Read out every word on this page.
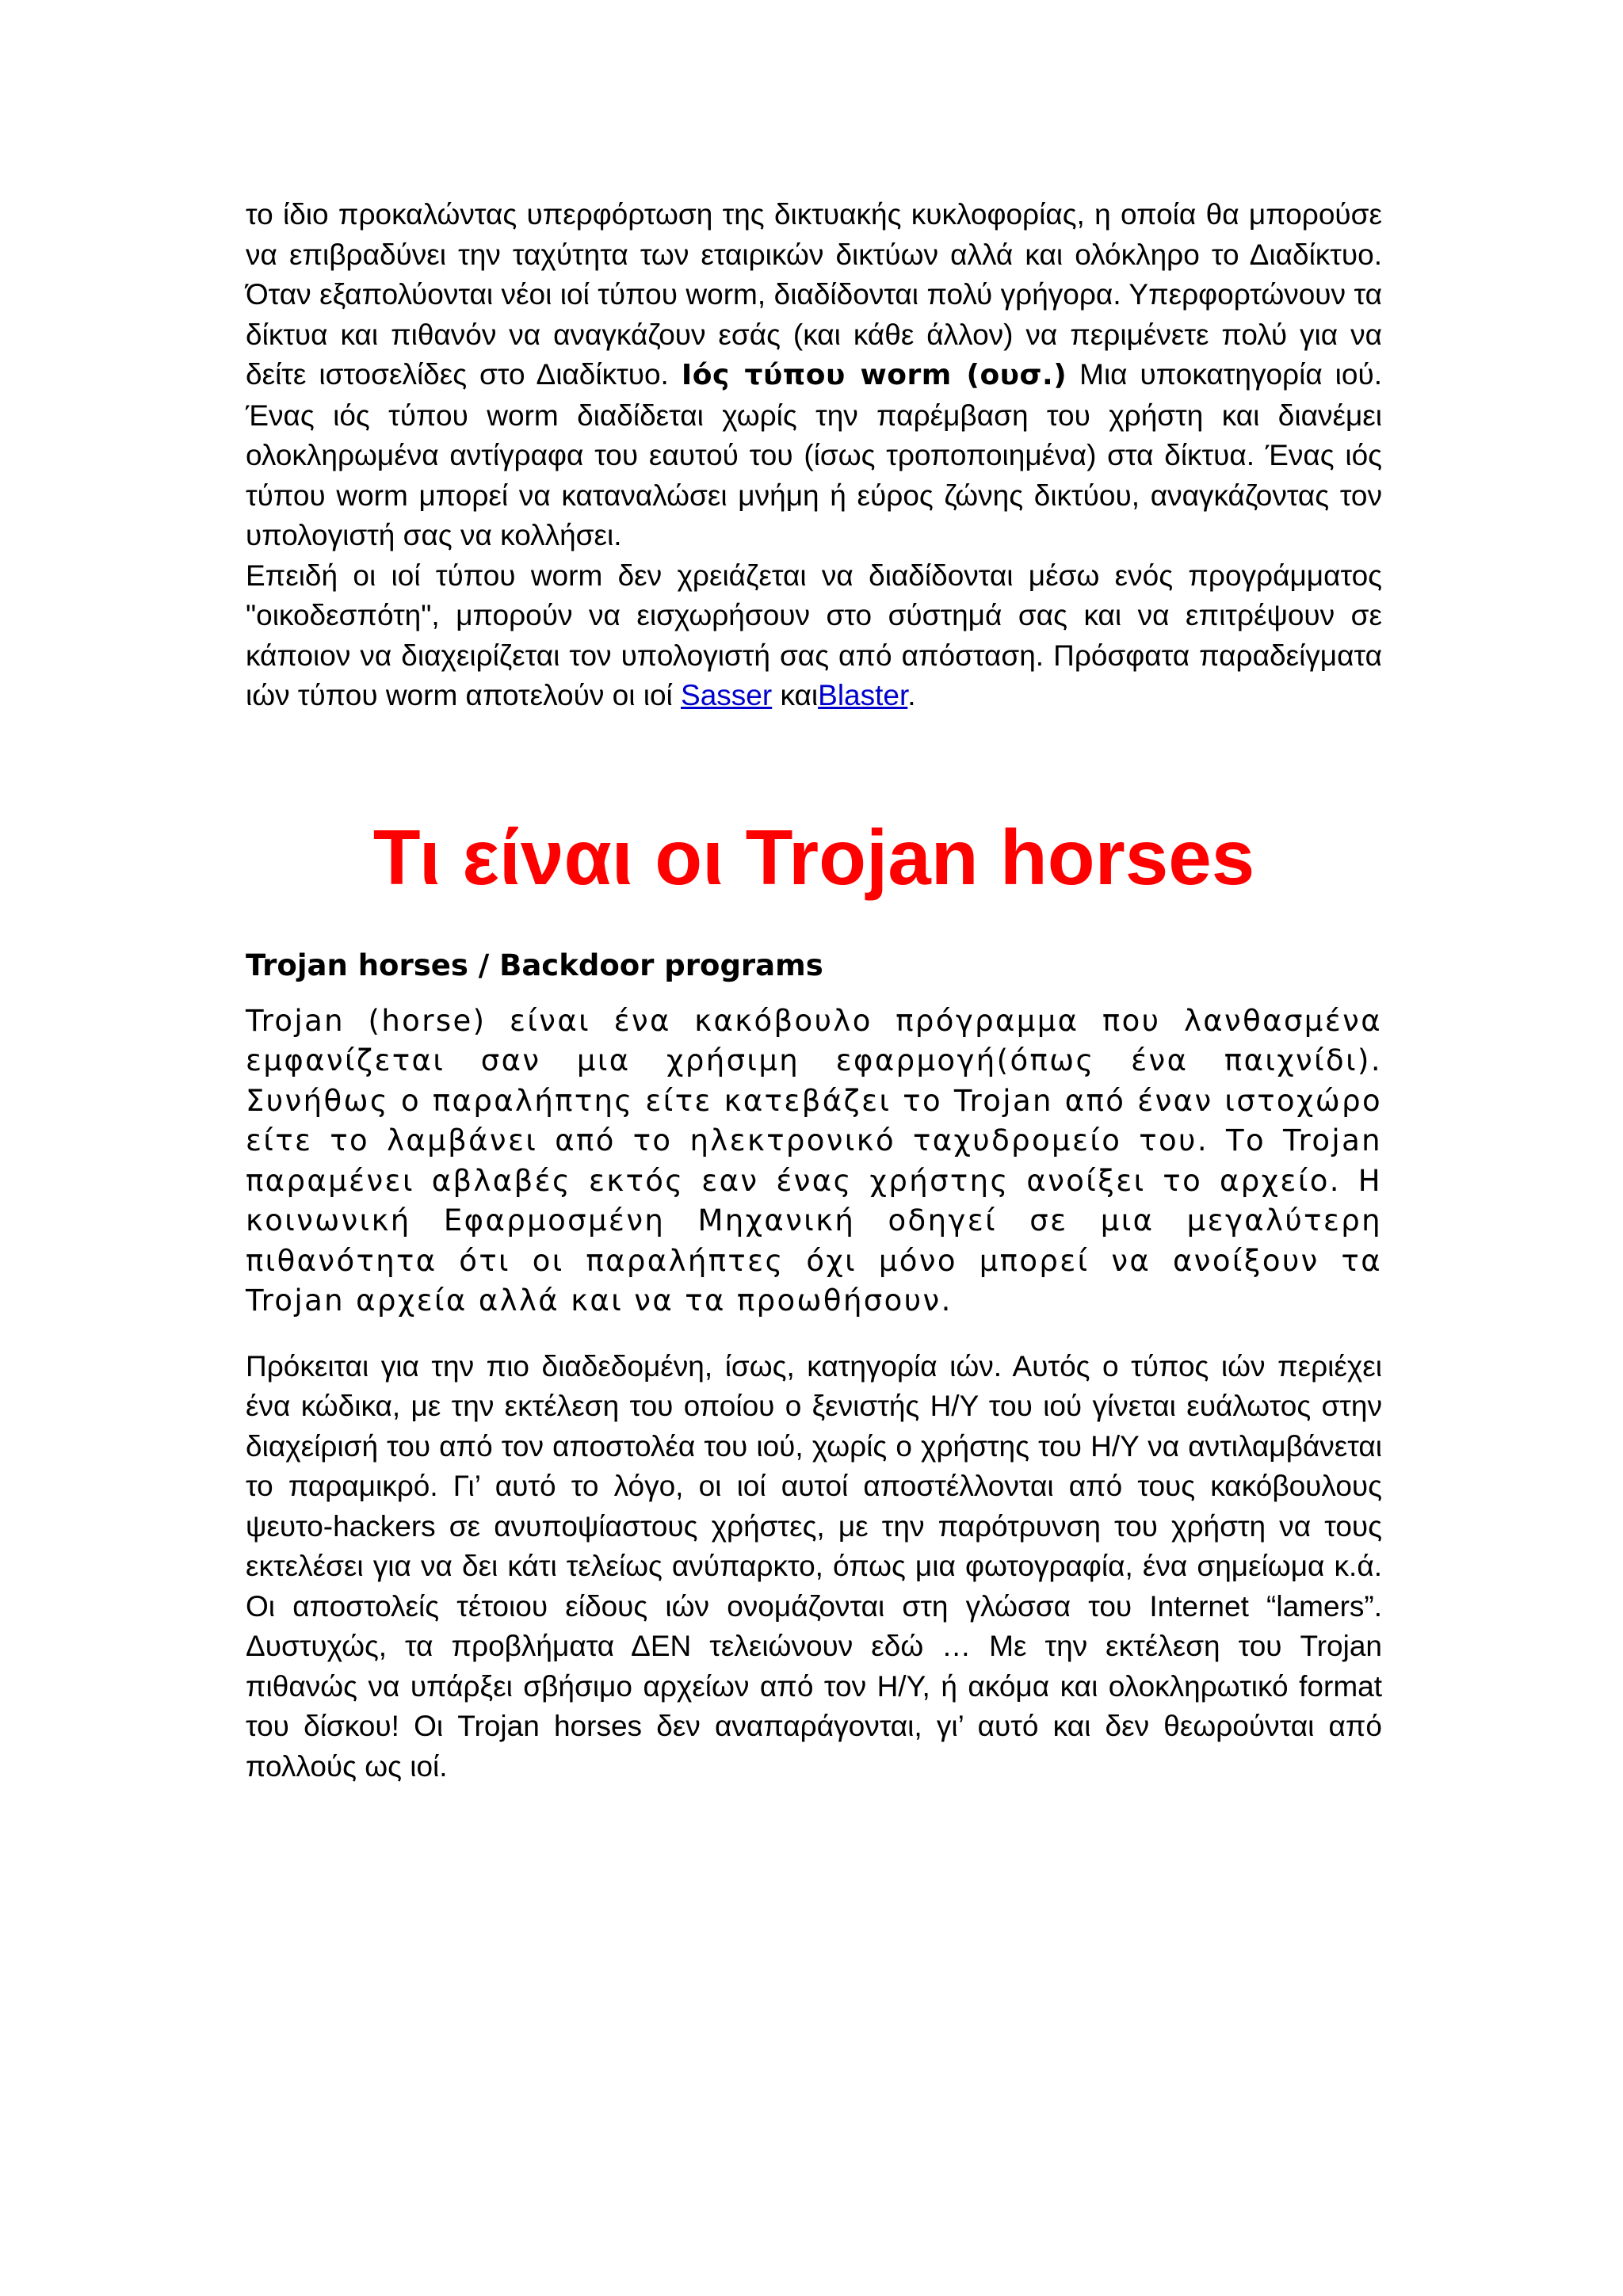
το ίδιο προκαλώντας υπερφόρτωση της δικτυακής κυκλοφορίας, η οποία θα μπορούσε να επιβραδύνει την ταχύτητα των εταιρικών δικτύων αλλά και ολόκληρο το Διαδίκτυο. Όταν εξαπολύονται νέοι ιοί τύπου worm, διαδίδονται πολύ γρήγορα. Υπερφορτώνουν τα δίκτυα και πιθανόν να αναγκάζουν εσάς (και κάθε άλλον) να περιμένετε πολύ για να δείτε ιστοσελίδες στο Διαδίκτυο. Ιός τύπου worm (ουσ.) Μια υποκατηγορία ιού. Ένας ιός τύπου worm διαδίδεται χωρίς την παρέμβαση του χρήστη και διανέμει ολοκληρωμένα αντίγραφα του εαυτού του (ίσως τροποποιημένα) στα δίκτυα. Ένας ιός τύπου worm μπορεί να καταναλώσει μνήμη ή εύρος ζώνης δικτύου, αναγκάζοντας τον υπολογιστή σας να κολλήσει.

Επειδή οι ιοί τύπου worm δεν χρειάζεται να διαδίδονται μέσω ενός προγράμματος "οικοδεσπότη", μπορούν να εισχωρήσουν στο σύστημά σας και να επιτρέψουν σε κάποιον να διαχειρίζεται τον υπολογιστή σας από απόσταση. Πρόσφατα παραδείγματα ιών τύπου worm αποτελούν οι ιοί Sasser καιBlaster.

Τι είναι οι Trojan horses
Trojan horses / Backdoor programs

Trojan (horse) είναι ένα κακόβουλο πρόγραμμα που λανθασμένα εμφανίζεται σαν μια χρήσιμη εφαρμογή(όπως ένα παιχνίδι). Συνήθως ο παραλήπτης είτε κατεβάζει το Trojan από έναν ιστοχώρο είτε το λαμβάνει από το ηλεκτρονικό ταχυδρομείο του. Το Trojan παραμένει αβλαβές εκτός εαν ένας χρήστης ανοίξει το αρχείο. Η κοινωνική Εφαρμοσμένη Μηχανική οδηγεί σε μια μεγαλύτερη πιθανότητα ότι οι παραλήπτες όχι μόνο μπορεί να ανοίξουν τα Trojan αρχεία αλλά και να τα προωθήσουν.

Πρόκειται για την πιο διαδεδομένη, ίσως, κατηγορία ιών. Αυτός ο τύπος ιών περιέχει ένα κώδικα, με την εκτέλεση του οποίου ο ξενιστής Η/Υ του ιού γίνεται ευάλωτος στην διαχείρισή του από τον αποστολέα του ιού, χωρίς ο χρήστης του Η/Υ να αντιλαμβάνεται το παραμικρό. Γι’ αυτό το λόγο, οι ιοί αυτοί αποστέλλονται από τους κακόβουλους ψευτο-hackers σε ανυποψίαστους χρήστες, με την παρότρυνση του χρήστη να τους εκτελέσει για να δει κάτι τελείως ανύπαρκτο, όπως μια φωτογραφία, ένα σημείωμα κ.ά. Οι αποστολείς τέτοιου είδους ιών ονομάζονται στη γλώσσα του Internet “lamers”. Δυστυχώς, τα προβλήματα ΔΕΝ τελειώνουν εδώ … Με την εκτέλεση του Trojan πιθανώς να υπάρξει σβήσιμο αρχείων από τον Η/Υ, ή ακόμα και ολοκληρωτικό format του δίσκου! Οι Trojan horses δεν αναπαράγονται, γι’ αυτό και δεν θεωρούνται από πολλούς ως ιοί.
